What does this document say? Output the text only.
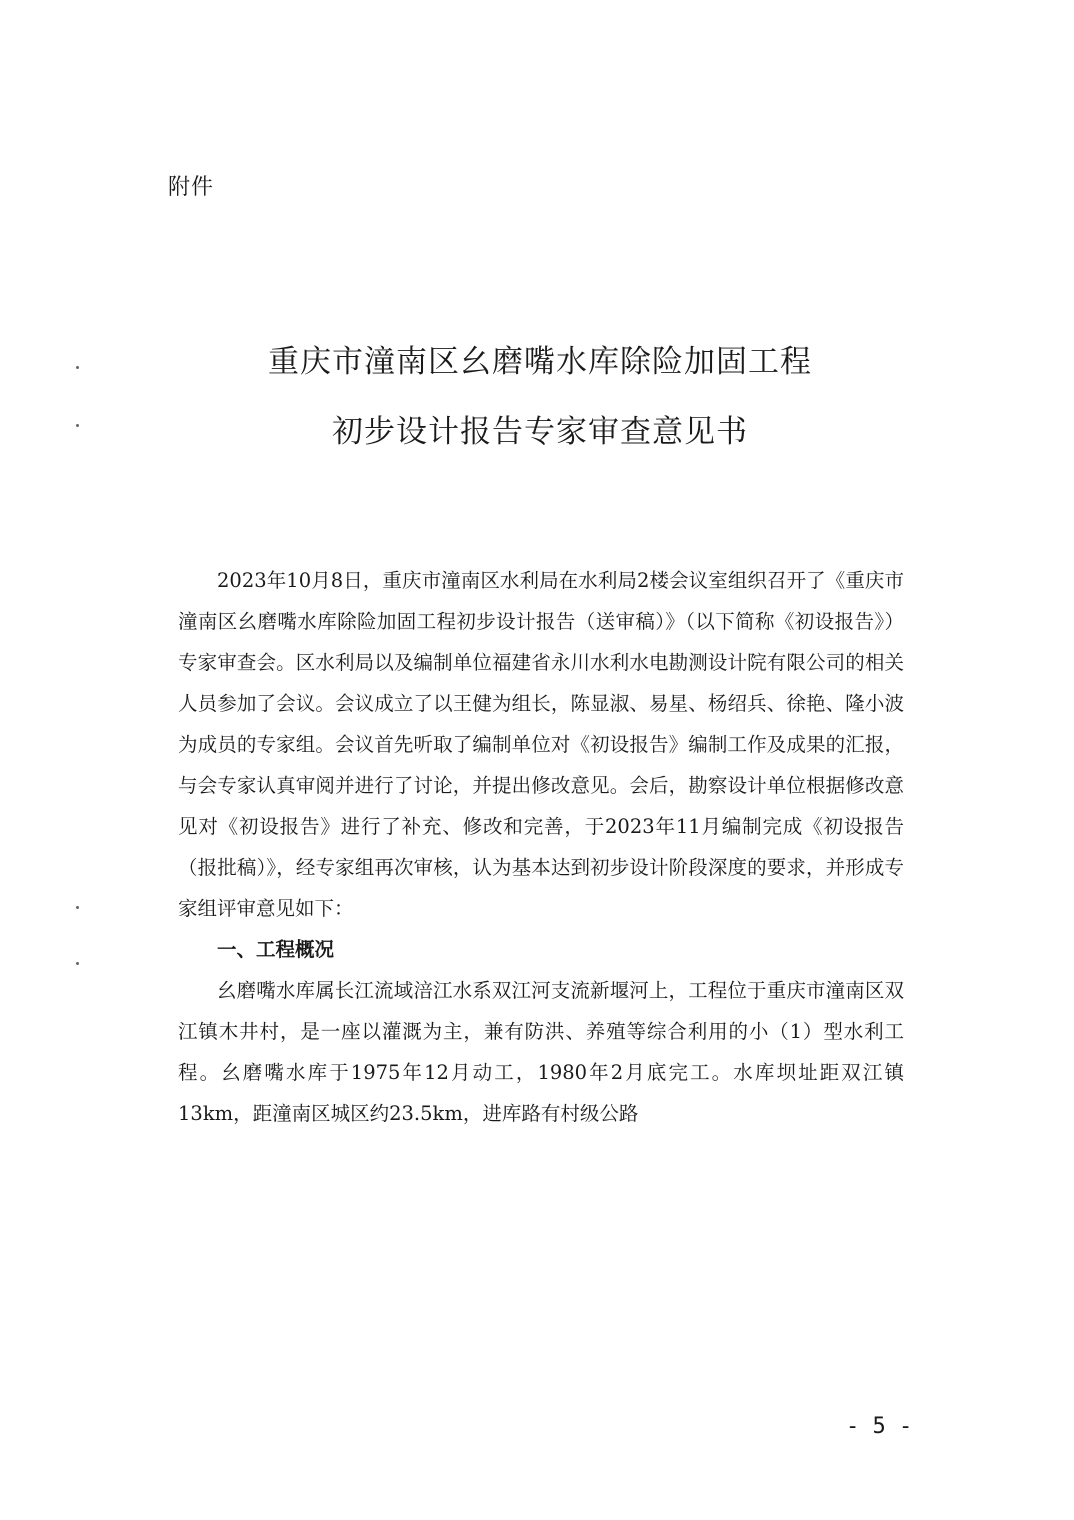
附件
重庆市潼南区幺磨嘴水库除险加固工程
初步设计报告专家审查意见书

2023年10月8日，重庆市潼南区水利局在水利局2楼会议室组织召开了《重庆市潼南区幺磨嘴水库除险加固工程初步设计报告（送审稿）》（以下简称《初设报告》）专家审查会。区水利局以及编制单位福建省永川水利水电勘测设计院有限公司的相关人员参加了会议。会议成立了以王健为组长，陈显淑、易星、杨绍兵、徐艳、隆小波为成员的专家组。会议首先听取了编制单位对《初设报告》编制工作及成果的汇报，与会专家认真审阅并进行了讨论，并提出修改意见。会后，勘察设计单位根据修改意见对《初设报告》进行了补充、修改和完善，于2023年11月编制完成《初设报告（报批稿）》，经专家组再次审核，认为基本达到初步设计阶段深度的要求，并形成专家组评审意见如下：

一、工程概况

幺磨嘴水库属长江流域涪江水系双江河支流新堰河上，工程位于重庆市潼南区双江镇木井村，是一座以灌溉为主，兼有防洪、养殖等综合利用的小（1）型水利工程。幺磨嘴水库于1975年12月动工，1980年2月底完工。水库坝址距双江镇13km，距潼南区城区约23.5km，进库路有村级公路

- 5 -
